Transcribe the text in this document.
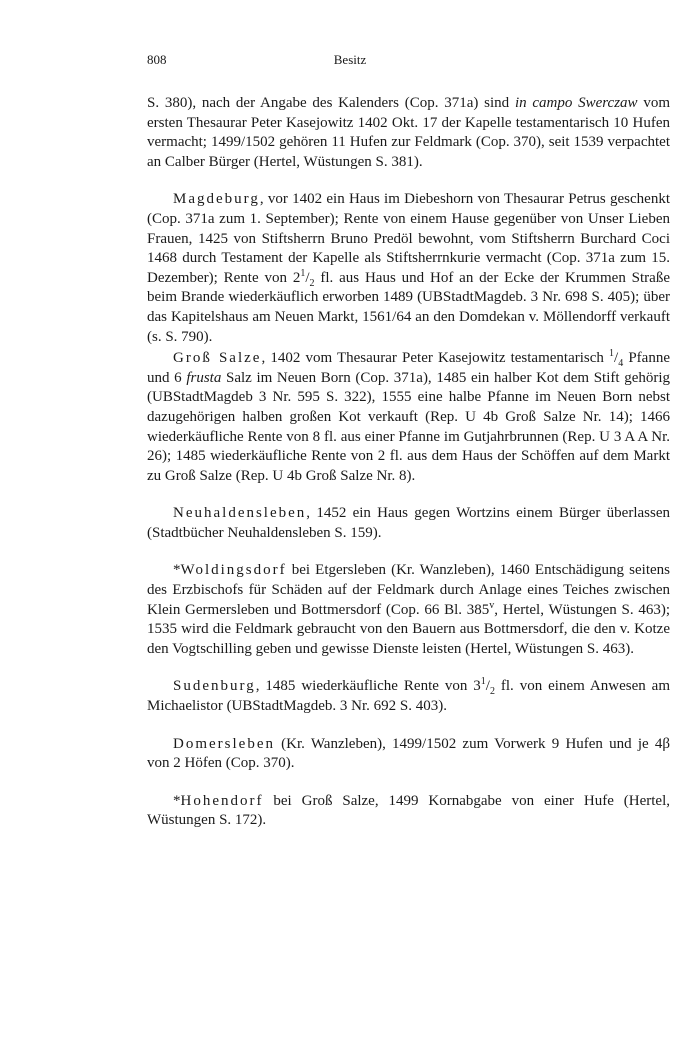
808	Besitz

S. 380), nach der Angabe des Kalenders (Cop. 371a) sind in campo Swerczaw vom ersten Thesaurar Peter Kasejowitz 1402 Okt. 17 der Kapelle testamentarisch 10 Hufen vermacht; 1499/1502 gehören 11 Hufen zur Feldmark (Cop. 370), seit 1539 verpachtet an Calber Bürger (Hertel, Wüstungen S. 381).

Magdeburg, vor 1402 ein Haus im Diebeshorn von Thesaurar Petrus geschenkt (Cop. 371a zum 1. September); Rente von einem Hause gegenüber von Unser Lieben Frauen, 1425 von Stiftsherrn Bruno Predöl bewohnt, vom Stiftsherrn Burchard Coci 1468 durch Testament der Kapelle als Stiftsherrnkurie vermacht (Cop. 371a zum 15. Dezember); Rente von $2^1/_2$ fl. aus Haus und Hof an der Ecke der Krummen Straße beim Brande wiederkäuflich erworben 1489 (UBStadtMagdeb. 3 Nr. 698 S. 405); über das Kapitelshaus am Neuen Markt, 1561/64 an den Domdekan v. Möllendorff verkauft (s. S. 790).

Groß Salze, 1402 vom Thesaurar Peter Kasejowitz testamentarisch $^1/_4$ Pfanne und 6 frusta Salz im Neuen Born (Cop. 371a), 1485 ein halber Kot dem Stift gehörig (UBStadtMagdeb 3 Nr. 595 S. 322), 1555 eine halbe Pfanne im Neuen Born nebst dazugehörigen halben großen Kot verkauft (Rep. U 4b Groß Salze Nr. 14); 1466 wiederkäufliche Rente von 8 fl. aus einer Pfanne im Gutjahrbrunnen (Rep. U 3 A A Nr. 26); 1485 wiederkäufliche Rente von 2 fl. aus dem Haus der Schöffen auf dem Markt zu Groß Salze (Rep. U 4b Groß Salze Nr. 8).

Neuhaldensleben, 1452 ein Haus gegen Wortzins einem Bürger überlassen (Stadtbücher Neuhaldensleben S. 159).

*Woldingsdorf bei Etgersleben (Kr. Wanzleben), 1460 Entschädigung seitens des Erzbischofs für Schäden auf der Feldmark durch Anlage eines Teiches zwischen Klein Germersleben und Bottmersdorf (Cop. 66 Bl. 385$^v$, Hertel, Wüstungen S. 463); 1535 wird die Feldmark gebraucht von den Bauern aus Bottmersdorf, die den v. Kotze den Vogtschilling geben und gewisse Dienste leisten (Hertel, Wüstungen S. 463).

Sudenburg, 1485 wiederkäufliche Rente von $3^1/_2$ fl. von einem Anwesen am Michaelistor (UBStadtMagdeb. 3 Nr. 692 S. 403).

Domersleben (Kr. Wanzleben), 1499/1502 zum Vorwerk 9 Hufen und je 4β von 2 Höfen (Cop. 370).

*Hohendorf bei Groß Salze, 1499 Kornabgabe von einer Hufe (Hertel, Wüstungen S. 172).
